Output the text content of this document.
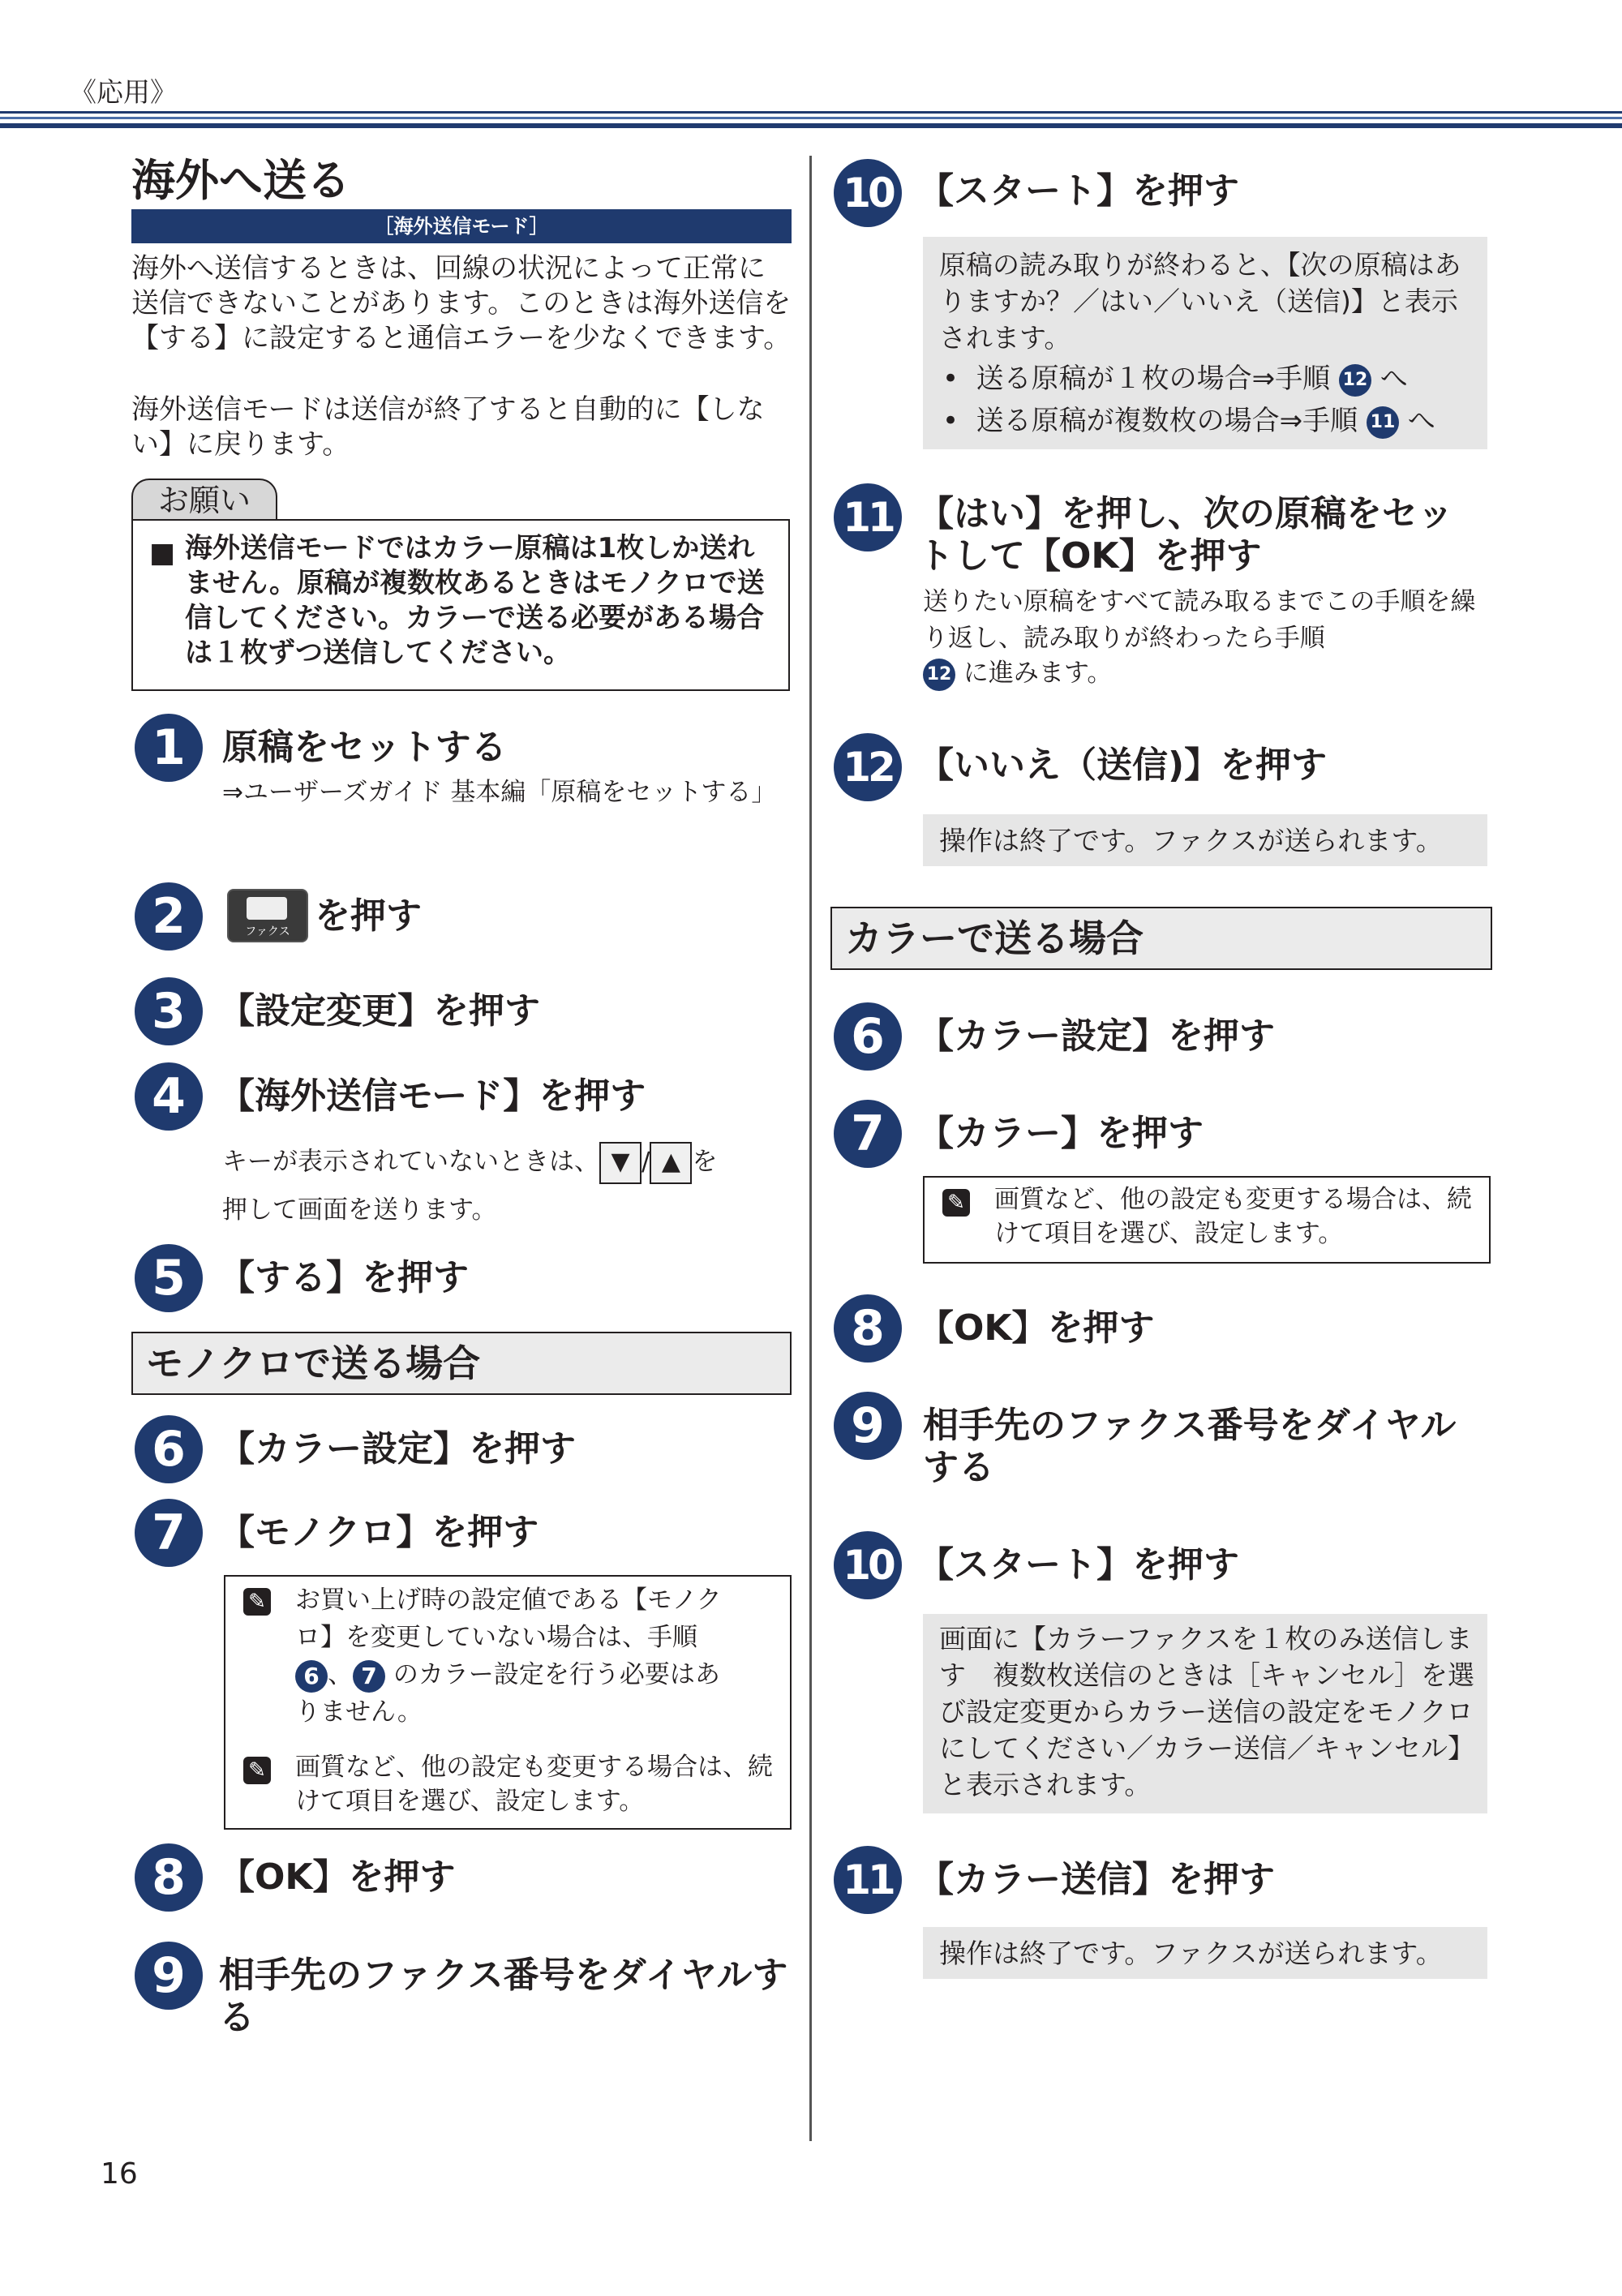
《応用》
海外へ送る
［海外送信モード］
海外へ送信するときは、回線の状況によって正常に送信できないことがあります。このときは海外送信を【する】に設定すると通信エラーを少なくできます。
海外送信モードは送信が終了すると自動的に【しない】に戻ります。
お願い
■ 海外送信モードではカラー原稿は1枚しか送れません。原稿が複数枚あるときはモノクロで送信してください。カラーで送る必要がある場合は１枚ずつ送信してください。
1	原稿をセットする
⇒ユーザーズガイド 基本編「原稿をセットする」
2	ファクス を押す
3 【設定変更】を押す
4 【海外送信モード】を押す
キーが表示されていないときは、 ▼ / ▲ を
押して画面を送ります。
5 【する】を押す
モノクロで送る場合
6 【カラー設定】を押す
7 【モノクロ】を押す
✎ お買い上げ時の設定値である【モノク
ロ】を変更していない場合は、手順
6 、 7 のカラー設定を行う必要はあ
りません。
✎ 画質など、他の設定も変更する場合は、続けて項目を選び、設定します。
8 【OK】を押す
9 相手先のファクス番号をダイヤルする
10 【スタート】を押す
原稿の読み取りが終わると、【次の原稿はありますか？／はい／いいえ（送信)】と表示されます。
•  送る原稿が１枚の場合⇒手順 12 へ
•  送る原稿が複数枚の場合⇒手順 11 へ
11 【はい】を押し、次の原稿をセットして【OK】を押す
送りたい原稿をすべて読み取るまでこの手順を繰り返し、読み取りが終わったら手順
12 に進みます。
12 【いいえ（送信)】を押す
操作は終了です。ファクスが送られます。
カラーで送る場合
6 【カラー設定】を押す
7 【カラー】を押す
✎ 画質など、他の設定も変更する場合は、続けて項目を選び、設定します。
8 【OK】を押す
9	相手先のファクス番号をダイヤルする
10 【スタート】を押す
画面に【カラーファクスを１枚のみ送信します　複数枚送信のときは［キャンセル］を選び設定変更からカラー送信の設定をモノクロにしてください／カラー送信／キャンセル】と表示されます。
11 【カラー送信】を押す
操作は終了です。ファクスが送られます。
16
